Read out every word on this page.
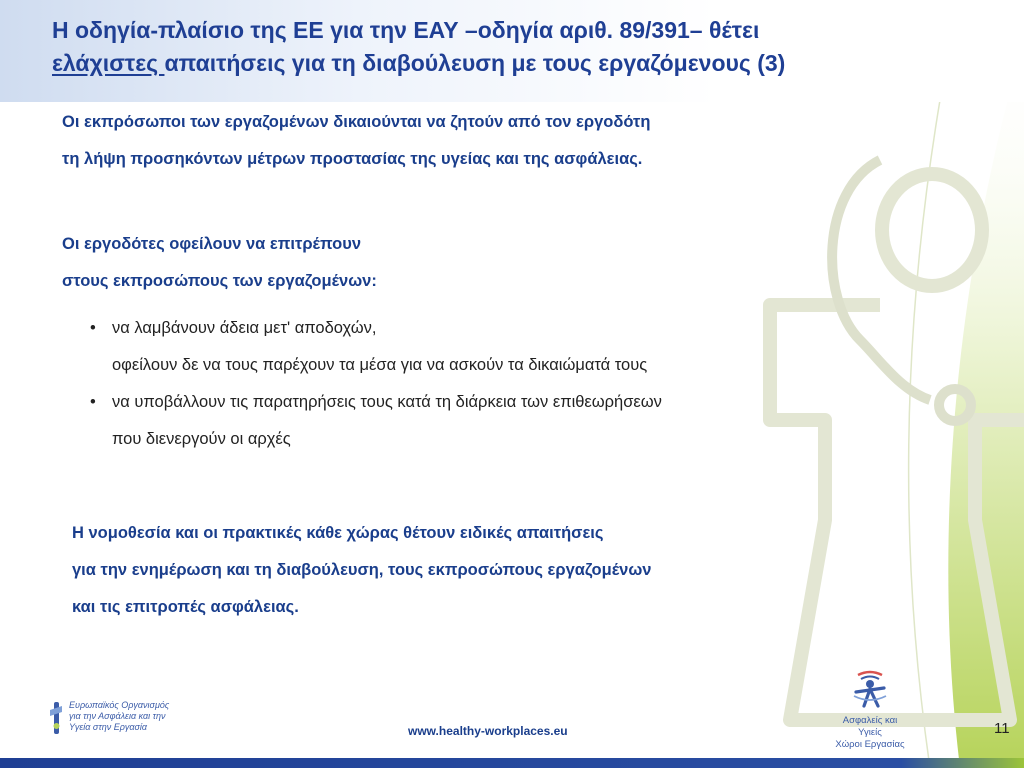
Η οδηγία-πλαίσιο της ΕΕ για την ΕΑΥ –οδηγία αριθ. 89/391– θέτει
ελάχιστες απαιτήσεις για τη διαβούλευση με τους εργαζόμενους (3)
Οι εκπρόσωποι των εργαζομένων δικαιούνται να ζητούν από τον εργοδότη
τη λήψη προσηκόντων μέτρων προστασίας της υγείας και της ασφάλειας.
Οι εργοδότες οφείλουν να επιτρέπουν
στους εκπροσώπους των εργαζομένων:
• να λαμβάνουν άδεια μετ' αποδοχών,
οφείλουν δε να τους παρέχουν τα μέσα για να ασκούν τα δικαιώματά τους
• να υποβάλλουν τις παρατηρήσεις τους κατά τη διάρκεια των επιθεωρήσεων
που διενεργούν οι αρχές
Η νομοθεσία και οι πρακτικές κάθε χώρας θέτουν ειδικές απαιτήσεις
για την ενημέρωση και τη διαβούλευση, τους εκπροσώπους εργαζομένων
και τις επιτροπές ασφάλειας.
Ευρωπαϊκός Οργανισμός
για την Ασφάλεια και την
Υγεία στην Εργασία	www.healthy-workplaces.eu
Ασφαλείς και Υγιείς
Χώροι Εργασίας
11
